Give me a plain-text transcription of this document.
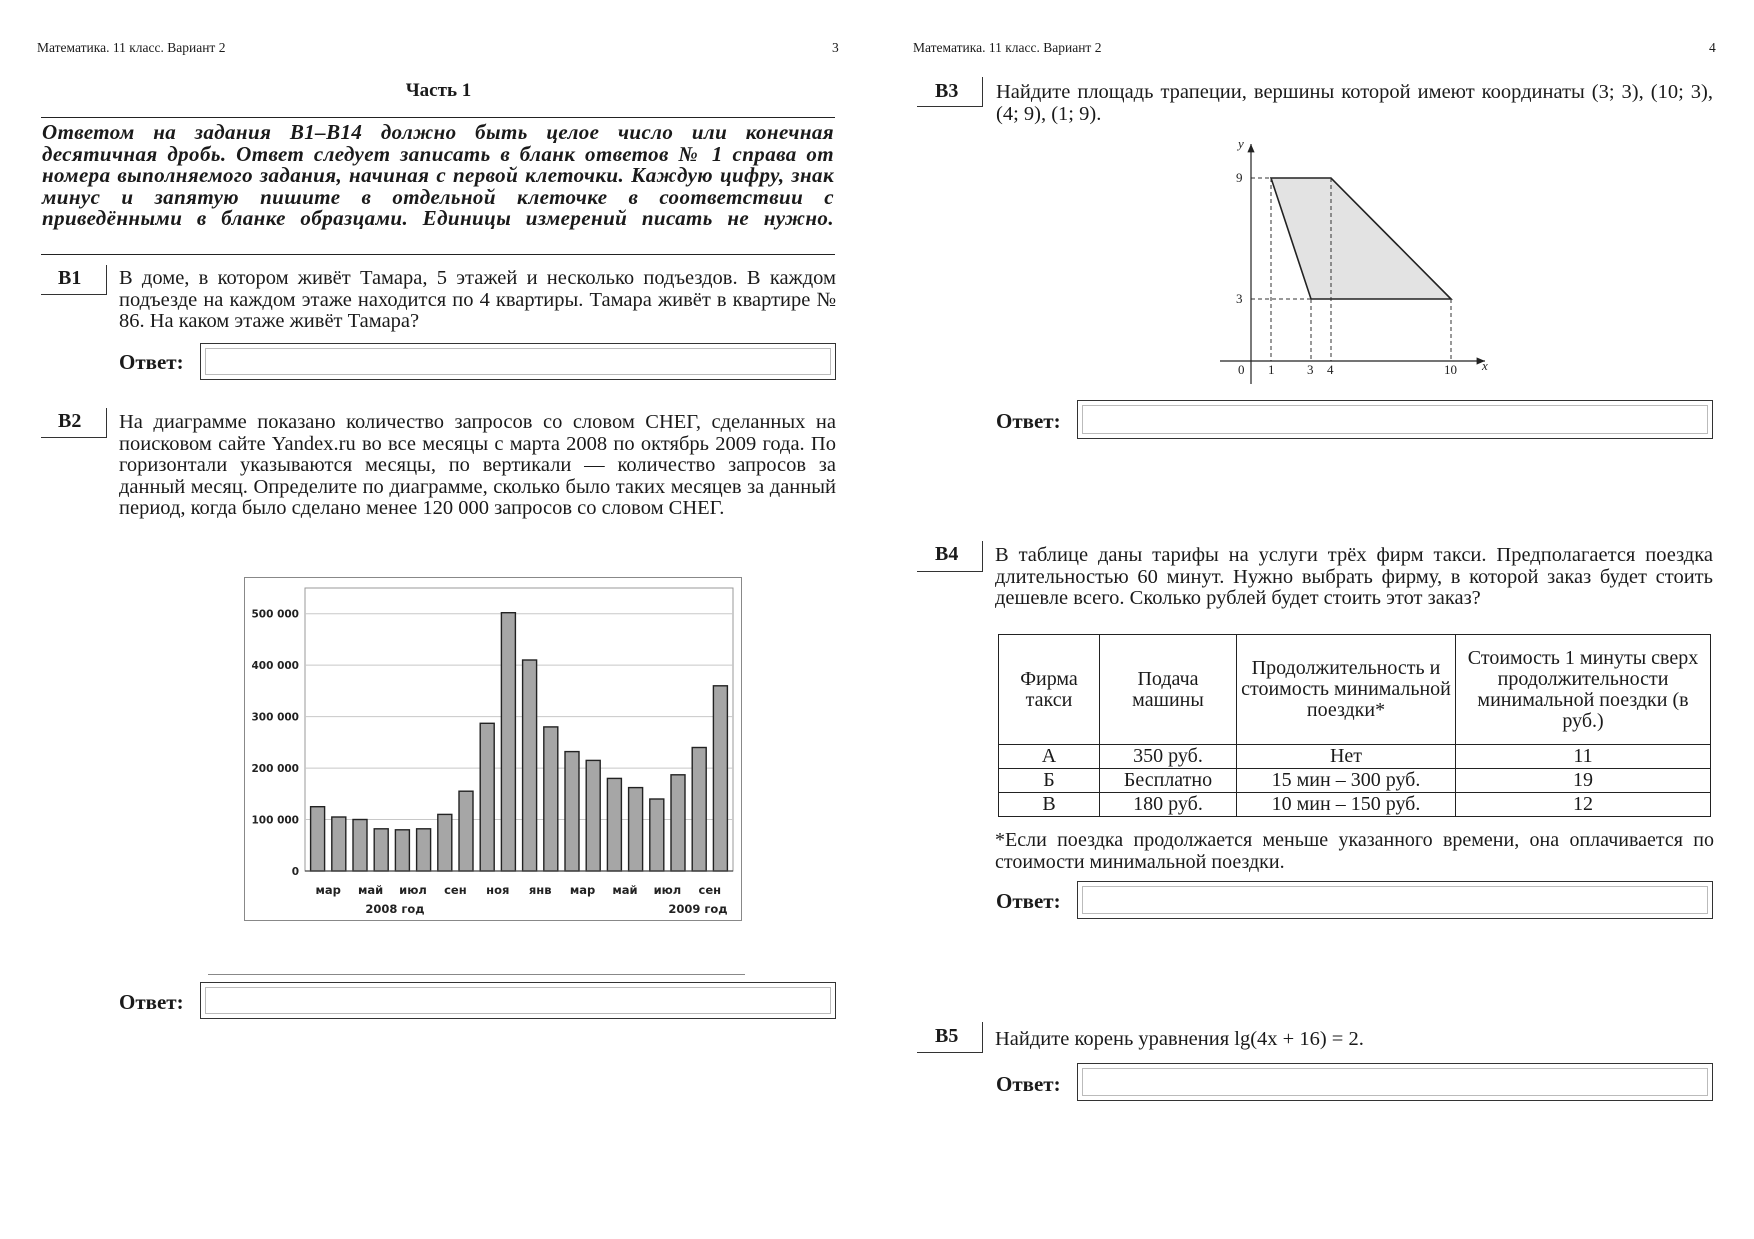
Математика. 11 класс. Вариант 2	3
Часть 1
Ответом на задания В1–В14 должно быть целое число или конечная десятичная дробь. Ответ следует записать в бланк ответов № 1 справа от номера выполняемого задания, начиная с первой клеточки. Каждую цифру, знак минус и запятую пишите в отдельной клеточке в соответствии с приведёнными в бланке образцами. Единицы измерений писать не нужно.
B1 В доме, в котором живёт Тамара, 5 этажей и несколько подъездов. В каждом подъезде на каждом этаже находится по 4 квартиры. Тамара живёт в квартире № 86. На каком этаже живёт Тамара?
Ответ:
B2 На диаграмме показано количество запросов со словом СНЕГ, сделанных на поисковом сайте Yandex.ru во все месяцы с марта 2008 по октябрь 2009 года. По горизонтали указываются месяцы, по вертикали — количество запросов за данный месяц. Определите по диаграмме, сколько было таких месяцев за данный период, когда было сделано менее 120 000 запросов со словом СНЕГ.
0
100 000
200 000
300 000
400 000
500 000
мар май июл сен ноя янв мар май июл сен
2008 год	2009 год
Ответ:
Математика. 11 класс. Вариант 2	4
B3 Найдите площадь трапеции, вершины которой имеют координаты (3; 3), (10; 3), (4; 9), (1; 9).
y
x
0 1	3 4	10
3
9
Ответ:
B4 В таблице даны тарифы на услуги трёх фирм такси. Предполагается поездка длительностью 60 минут. Нужно выбрать фирму, в которой заказ будет стоить дешевле всего. Сколько рублей будет стоить этот заказ?
Фирма такси	Подача машины	Продолжительность и стоимость минимальной поездки*	Стоимость 1 минуты сверх продолжительности минимальной поездки (в руб.)
А	350 руб.	Нет	11
Б	Бесплатно	15 мин – 300 руб.	19
В	180 руб.	10 мин – 150 руб.	12
*Если поездка продолжается меньше указанного времени, она оплачивается по стоимости минимальной поездки.
Ответ:
B5 Найдите корень уравнения lg(4x + 16) = 2.
Ответ:
